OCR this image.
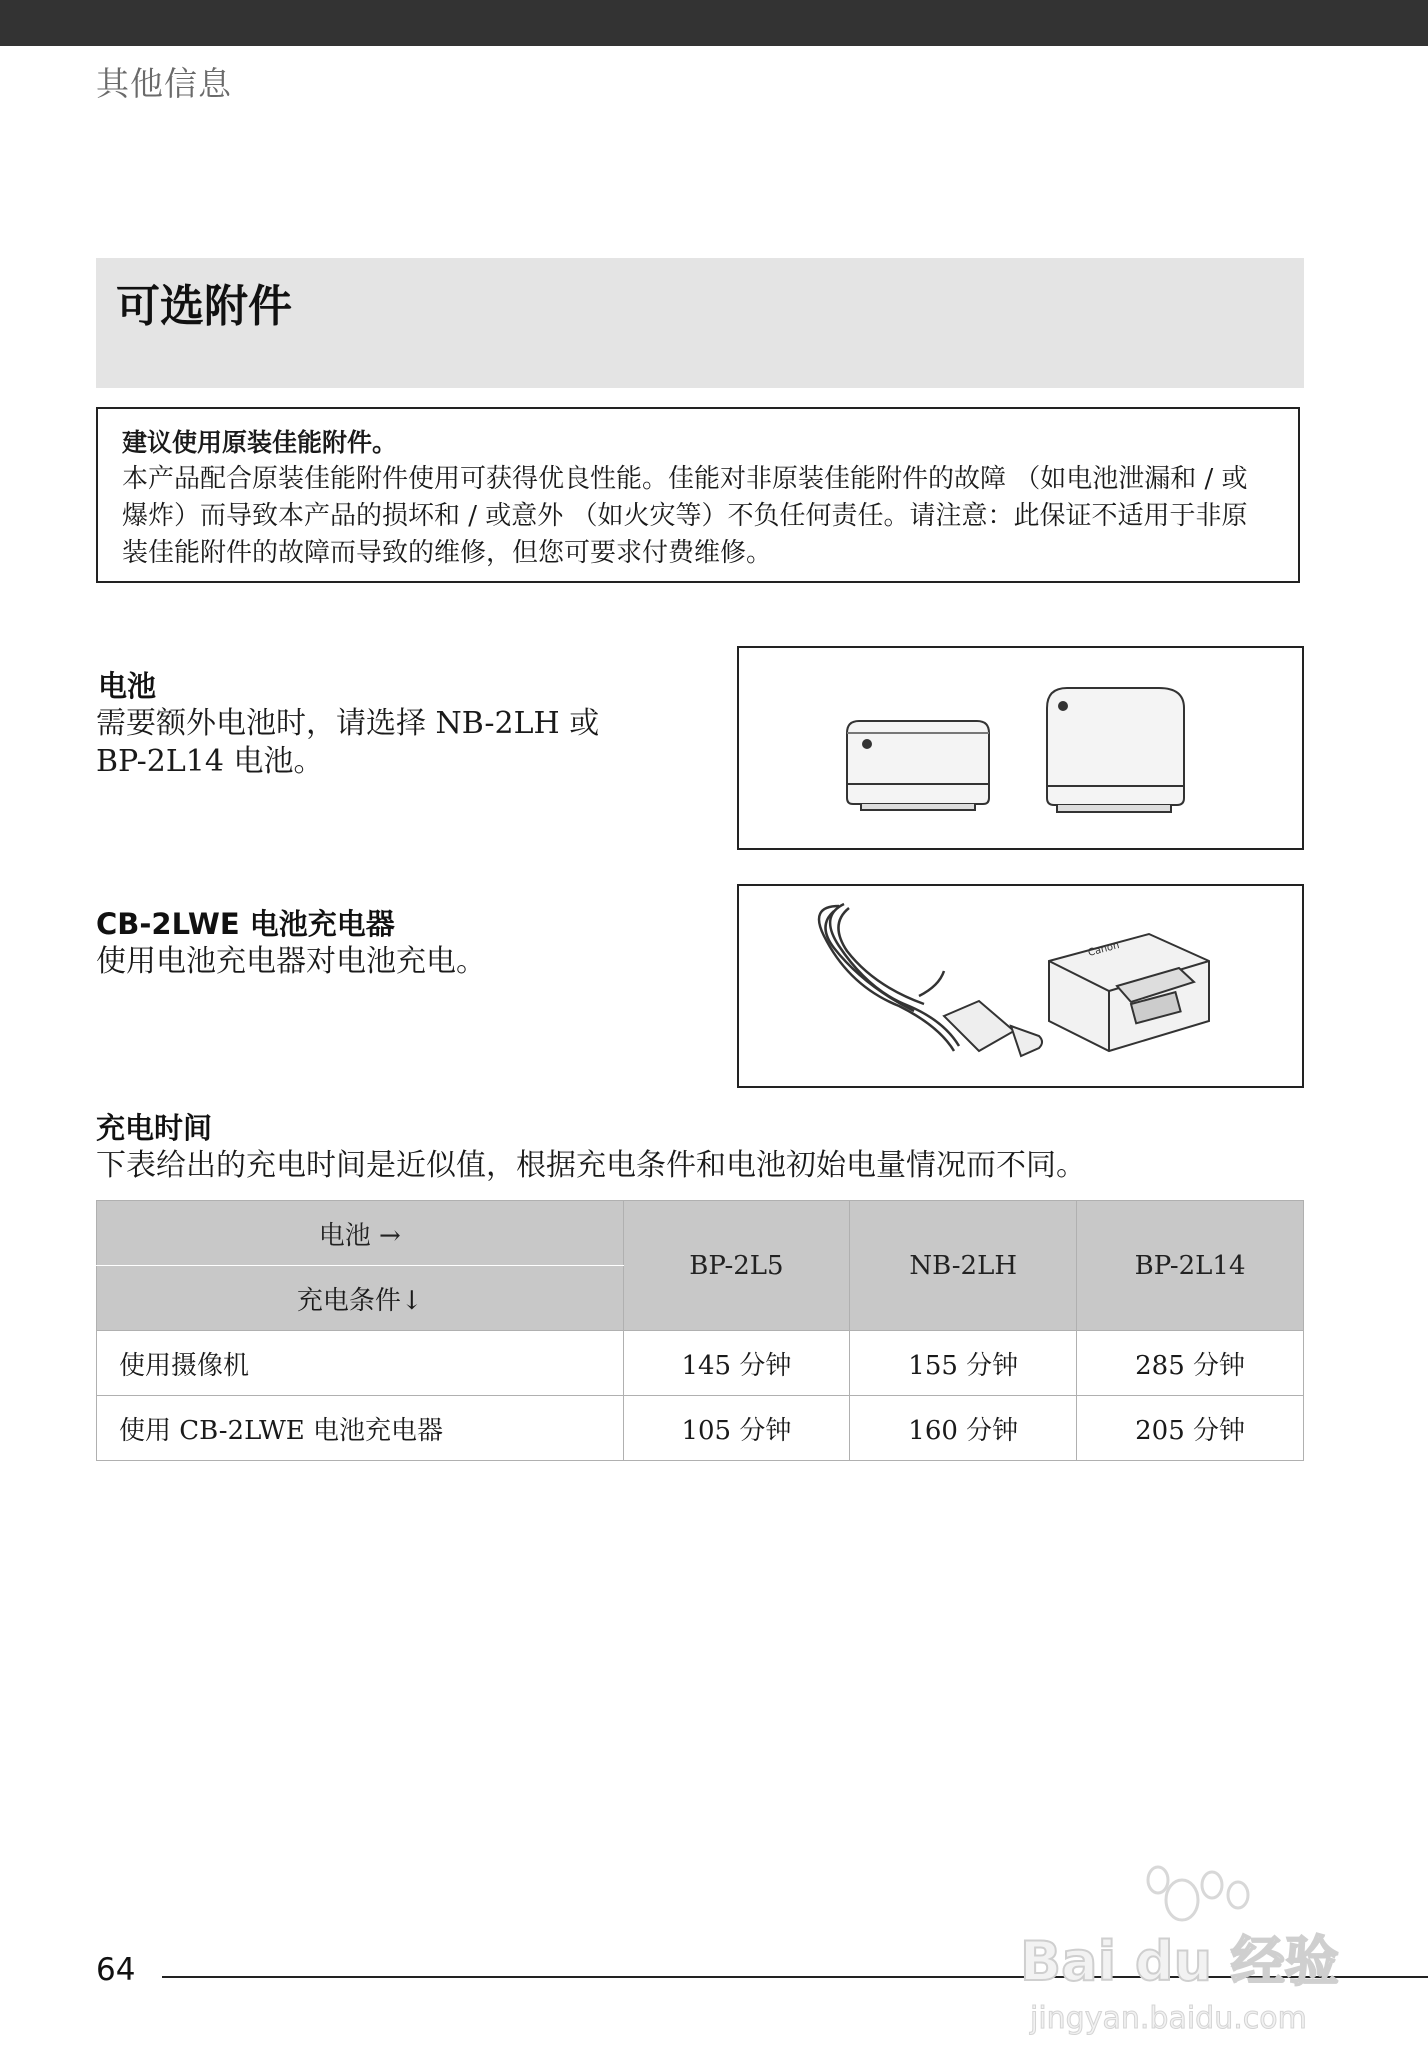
其他信息
可选附件
建议使用原装佳能附件。
本产品配合原装佳能附件使用可获得优良性能。佳能对非原装佳能附件的故障 （如电池泄漏和 / 或爆炸）而导致本产品的损坏和 / 或意外 （如火灾等）不负任何责任。请注意：此保证不适用于非原装佳能附件的故障而导致的维修，但您可要求付费维修。
电池
需要额外电池时，请选择 NB-2LH 或
BP-2L14 电池。
CB-2LWE 电池充电器
使用电池充电器对电池充电。	Canon
充电时间
下表给出的充电时间是近似值，根据充电条件和电池初始电量情况而不同。
电池 →	BP-2L5	NB-2LH	BP-2L14
充电条件↓			
使用摄像机	145 分钟	155 分钟	285 分钟
使用 CB-2LWE 电池充电器	105 分钟	160 分钟	205 分钟
64	Bai du 经验
jingyan.baidu.com
